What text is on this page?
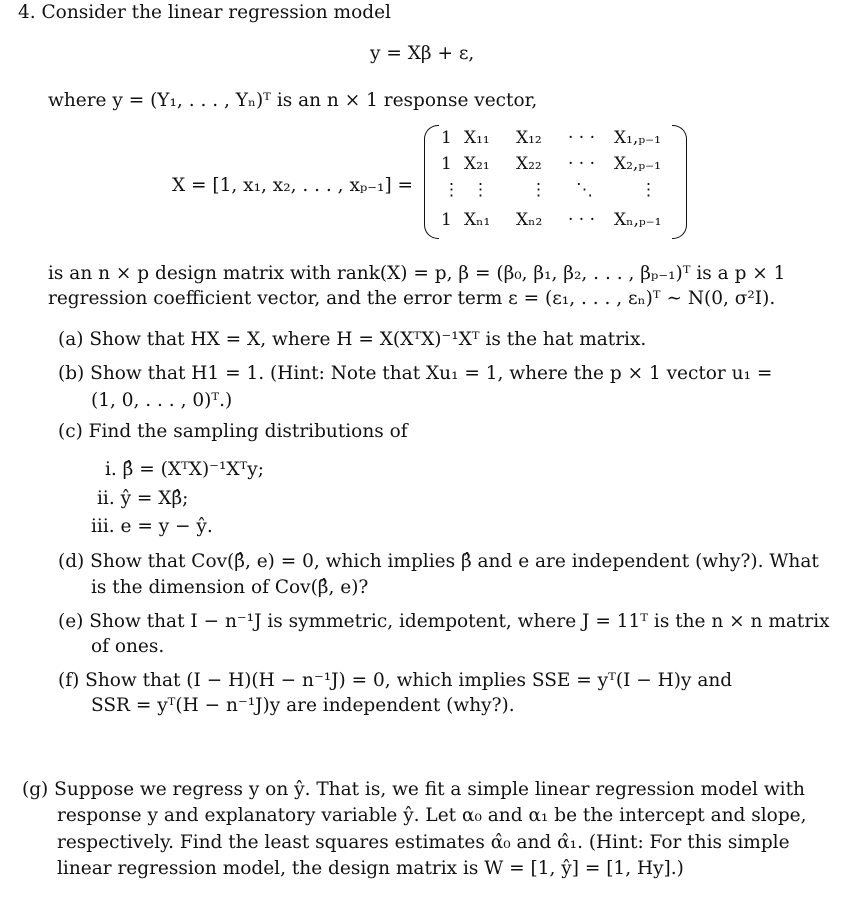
4. Consider the linear regression model
y = Xβ + ε,
where y = (Y₁, . . . , Yₙ)ᵀ is an n × 1 response vector,
X = [1, x₁, x₂, . . . , xₚ₋₁] =
1 X₁₁ X₁₂ · · · X₁,ₚ₋₁
1 X₂₁ X₂₂ · · · X₂,ₚ₋₁
⋮ ⋮ ⋮ ⋱	⋮
1 Xₙ₁ Xₙ₂ · · · Xₙ,ₚ₋₁
is an n × p design matrix with rank(X) = p, β = (β₀, β₁, β₂, . . . , βₚ₋₁)ᵀ is a p × 1
regression coefficient vector, and the error term ε = (ε₁, . . . , εₙ)ᵀ ∼ N(0, σ²I).
(a) Show that HX = X, where H = X(XᵀX)⁻¹Xᵀ is the hat matrix.
(b) Show that H1 = 1. (Hint: Note that Xu₁ = 1, where the p × 1 vector u₁ =
(1, 0, . . . , 0)ᵀ.)
(c) Find the sampling distributions of
i. β̂ = (XᵀX)⁻¹Xᵀy;
ii. ŷ = Xβ̂;
iii. e = y − ŷ.
(d) Show that Cov(β̂, e) = 0, which implies β̂ and e are independent (why?). What
is the dimension of Cov(β̂, e)?
(e) Show that I − n⁻¹J is symmetric, idempotent, where J = 11ᵀ is the n × n matrix
of ones.
(f) Show that (I − H)(H − n⁻¹J) = 0, which implies SSE = yᵀ(I − H)y and
SSR = yᵀ(H − n⁻¹J)y are independent (why?).
(g) Suppose we regress y on ŷ. That is, we fit a simple linear regression model with
response y and explanatory variable ŷ. Let α₀ and α₁ be the intercept and slope,
respectively. Find the least squares estimates α̂₀ and α̂₁. (Hint: For this simple
linear regression model, the design matrix is W = [1, ŷ] = [1, Hy].)
